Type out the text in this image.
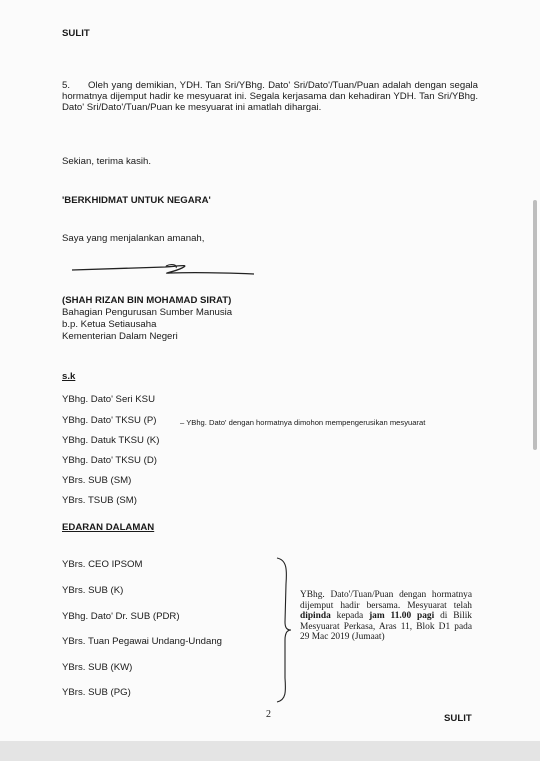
SULIT
5. Oleh yang demikian, YDH. Tan Sri/YBhg. Dato' Sri/Dato'/Tuan/Puan adalah dengan segala hormatnya dijemput hadir ke mesyuarat ini. Segala kerjasama dan kehadiran YDH. Tan Sri/YBhg. Dato' Sri/Dato'/Tuan/Puan ke mesyuarat ini amatlah dihargai.
Sekian, terima kasih.
'BERKHIDMAT UNTUK NEGARA'
Saya yang menjalankan amanah,
(SHAH RIZAN BIN MOHAMAD SIRAT)
Bahagian Pengurusan Sumber Manusia
b.p. Ketua Setiausaha
Kementerian Dalam Negeri
s.k
YBhg. Dato' Seri KSU
YBhg. Dato' TKSU (P)	– YBhg. Dato' dengan hormatnya dimohon mempengerusikan mesyuarat
YBhg. Datuk TKSU (K)
YBhg. Dato' TKSU (D)
YBrs. SUB (SM)
YBrs. TSUB (SM)
EDARAN DALAMAN
YBrs. CEO IPSOM
YBrs. SUB (K)
YBhg. Dato' Dr. SUB (PDR)
YBrs. Tuan Pegawai Undang-Undang
YBrs. SUB (KW)
YBrs. SUB (PG)
YBhg. Dato'/Tuan/Puan dengan hormatnya dijemput hadir bersama. Mesyuarat telah dipinda kepada jam 11.00 pagi di Bilik Mesyuarat Perkasa, Aras 11, Blok D1 pada 29 Mac 2019 (Jumaat)
2	SULIT
